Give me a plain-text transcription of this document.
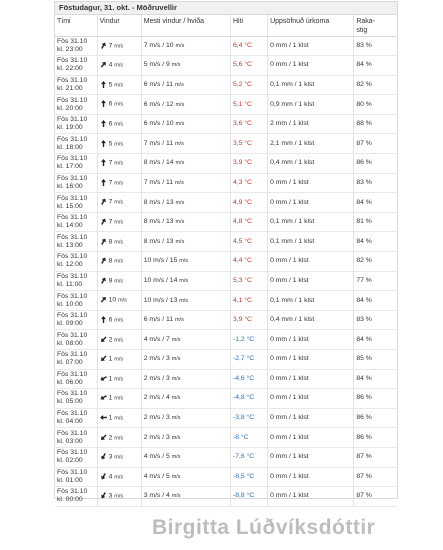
Föstudagur, 31. okt. - Möðruvellir
Tími	Vindur	Mesti vindur / hviða	Hiti	Uppsöfnuð úrkoma	Raka-
stig
Fös 31.10
kl. 23:00	7 m/s	7 m/s / 10 m/s	6,4 °C	0 mm / 1 klst	83 %
Fös 31.10
kl. 22:00	4 m/s	5 m/s / 9 m/s	5,6 °C	0 mm / 1 klst	84 %
Fös 31.10
kl. 21:00	5 m/s	6 m/s / 11 m/s	5,2 °C	0,1 mm / 1 klst	82 %
Fös 31.10
kl. 20:00	6 m/s	6 m/s / 12 m/s	5,1 °C	0,9 mm / 1 klst	80 %
Fös 31.10
kl. 19:00	6 m/s	6 m/s / 10 m/s	3,6 °C	2 mm / 1 klst	88 %
Fös 31.10
kl. 18:00	5 m/s	7 m/s / 11 m/s	3,5 °C	2,1 mm / 1 klst	87 %
Fös 31.10
kl. 17:00	7 m/s	8 m/s / 14 m/s	3,9 °C	0,4 mm / 1 klst	86 %
Fös 31.10
kl. 16:00	7 m/s	7 m/s / 11 m/s	4,3 °C	0 mm / 1 klst	83 %
Fös 31.10
kl. 15:00	7 m/s	8 m/s / 13 m/s	4,9 °C	0 mm / 1 klst	84 %
Fös 31.10
kl. 14:00	7 m/s	8 m/s / 13 m/s	4,8 °C	0,1 mm / 1 klst	81 %
Fös 31.10
kl. 13:00	8 m/s	8 m/s / 13 m/s	4,5 °C	0,1 mm / 1 klst	84 %
Fös 31.10
kl. 12:00	8 m/s	10 m/s / 15 m/s	4,4 °C	0 mm / 1 klst	82 %
Fös 31.10
kl. 11:00	9 m/s	10 m/s / 14 m/s	5,3 °C	0 mm / 1 klst	77 %
Fös 31.10
kl. 10:00	10 m/s	10 m/s / 13 m/s	4,1 °C	0,1 mm / 1 klst	84 %
Fös 31.10
kl. 09:00	6 m/s	6 m/s / 11 m/s	3,9 °C	0,4 mm / 1 klst	83 %
Fös 31.10
kl. 08:00	2 m/s	4 m/s / 7 m/s	-1,2 °C	0 mm / 1 klst	84 %
Fös 31.10
kl. 07:00	1 m/s	2 m/s / 3 m/s	-2,7 °C	0 mm / 1 klst	85 %
Fös 31.10
kl. 06:00	1 m/s	2 m/s / 3 m/s	-4,6 °C	0 mm / 1 klst	84 %
Fös 31.10
kl. 05:00	1 m/s	2 m/s / 4 m/s	-4,8 °C	0 mm / 1 klst	86 %
Fös 31.10
kl. 04:00	1 m/s	2 m/s / 3 m/s	-3,8 °C	0 mm / 1 klst	86 %
Fös 31.10
kl. 03:00	2 m/s	2 m/s / 3 m/s	-8 °C	0 mm / 1 klst	86 %
Fös 31.10
kl. 02:00	3 m/s	4 m/s / 5 m/s	-7,6 °C	0 mm / 1 klst	87 %
Fös 31.10
kl. 01:00	4 m/s	4 m/s / 5 m/s	-8,5 °C	0 mm / 1 klst	87 %
Fös 31.10
kl. 00:00	3 m/s	3 m/s / 4 m/s	-8,8 °C	0 mm / 1 klst	87 %
Birgitta Lúðvíksdóttir
